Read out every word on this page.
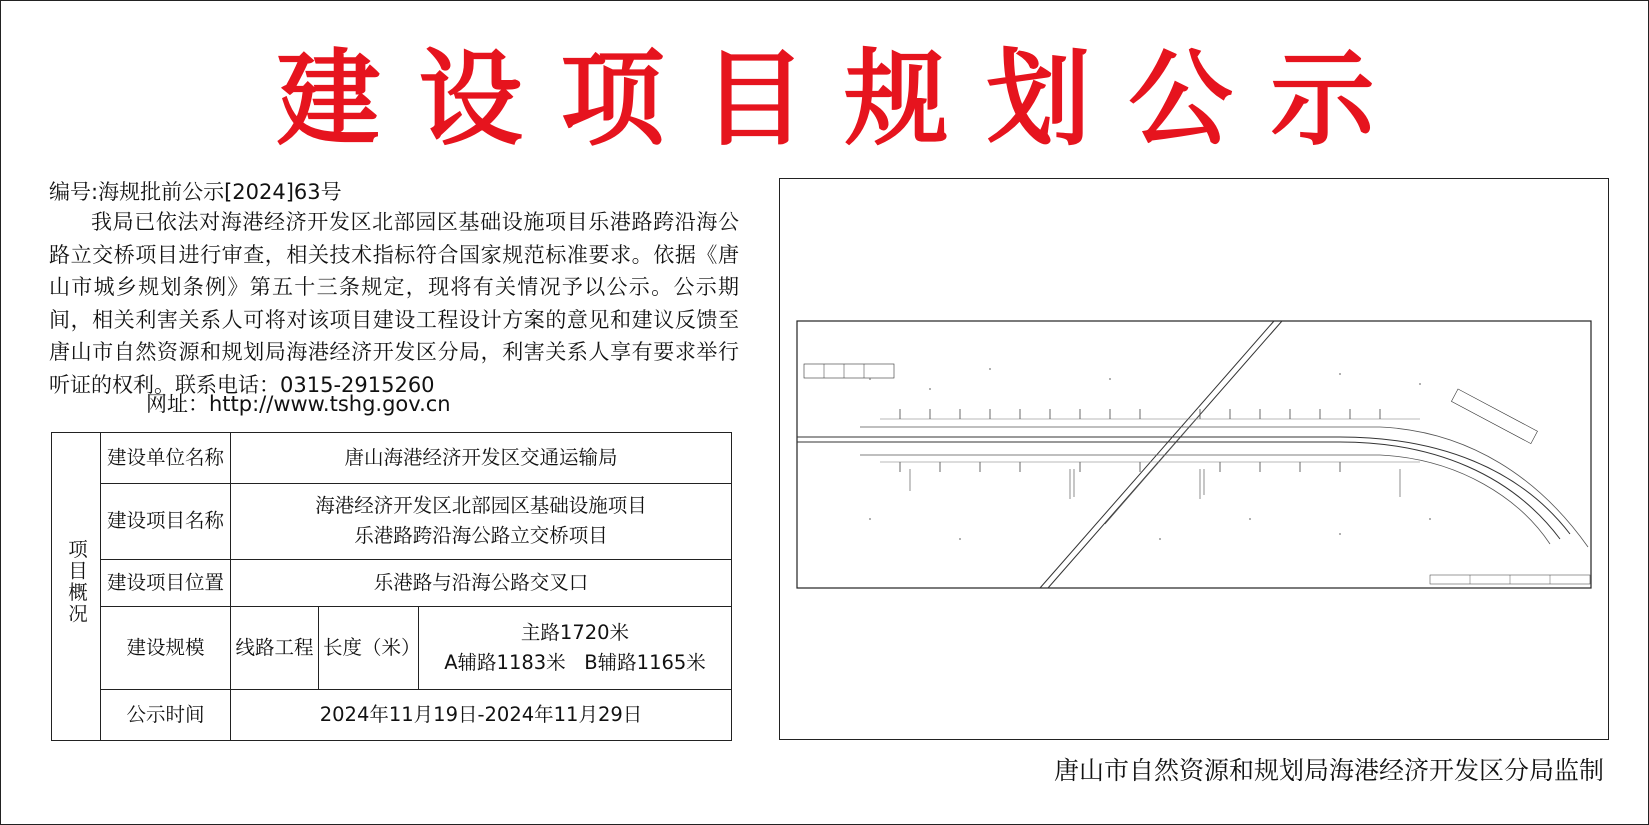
建设项目规划公示
编号:海规批前公示[2024]63号
我局已依法对海港经济开发区北部园区基础设施项目乐港路跨沿海公路立交桥项目进行审查，相关技术指标符合国家规范标准要求。依据《唐山市城乡规划条例》第五十三条规定，现将有关情况予以公示。公示期间，相关利害关系人可将对该项目建设工程设计方案的意见和建议反馈至唐山市自然资源和规划局海港经济开发区分局，利害关系人享有要求举行听证的权利。联系电话：0315-2915260
网址：http://www.tshg.gov.cn
项目概况	建设单位名称	唐山海港经济开发区交通运输局		
	建设项目名称	海港经济开发区北部园区基础设施项目
乐港路跨沿海公路立交桥项目		

	建设项目位置	乐港路与沿海公路交叉口		
	建设规模	线路工程	长度（米）	主路1720米
A辅路1183米 B辅路1165米

	公示时间	2024年11月19日-2024年11月29日		
唐山市自然资源和规划局海港经济开发区分局监制
